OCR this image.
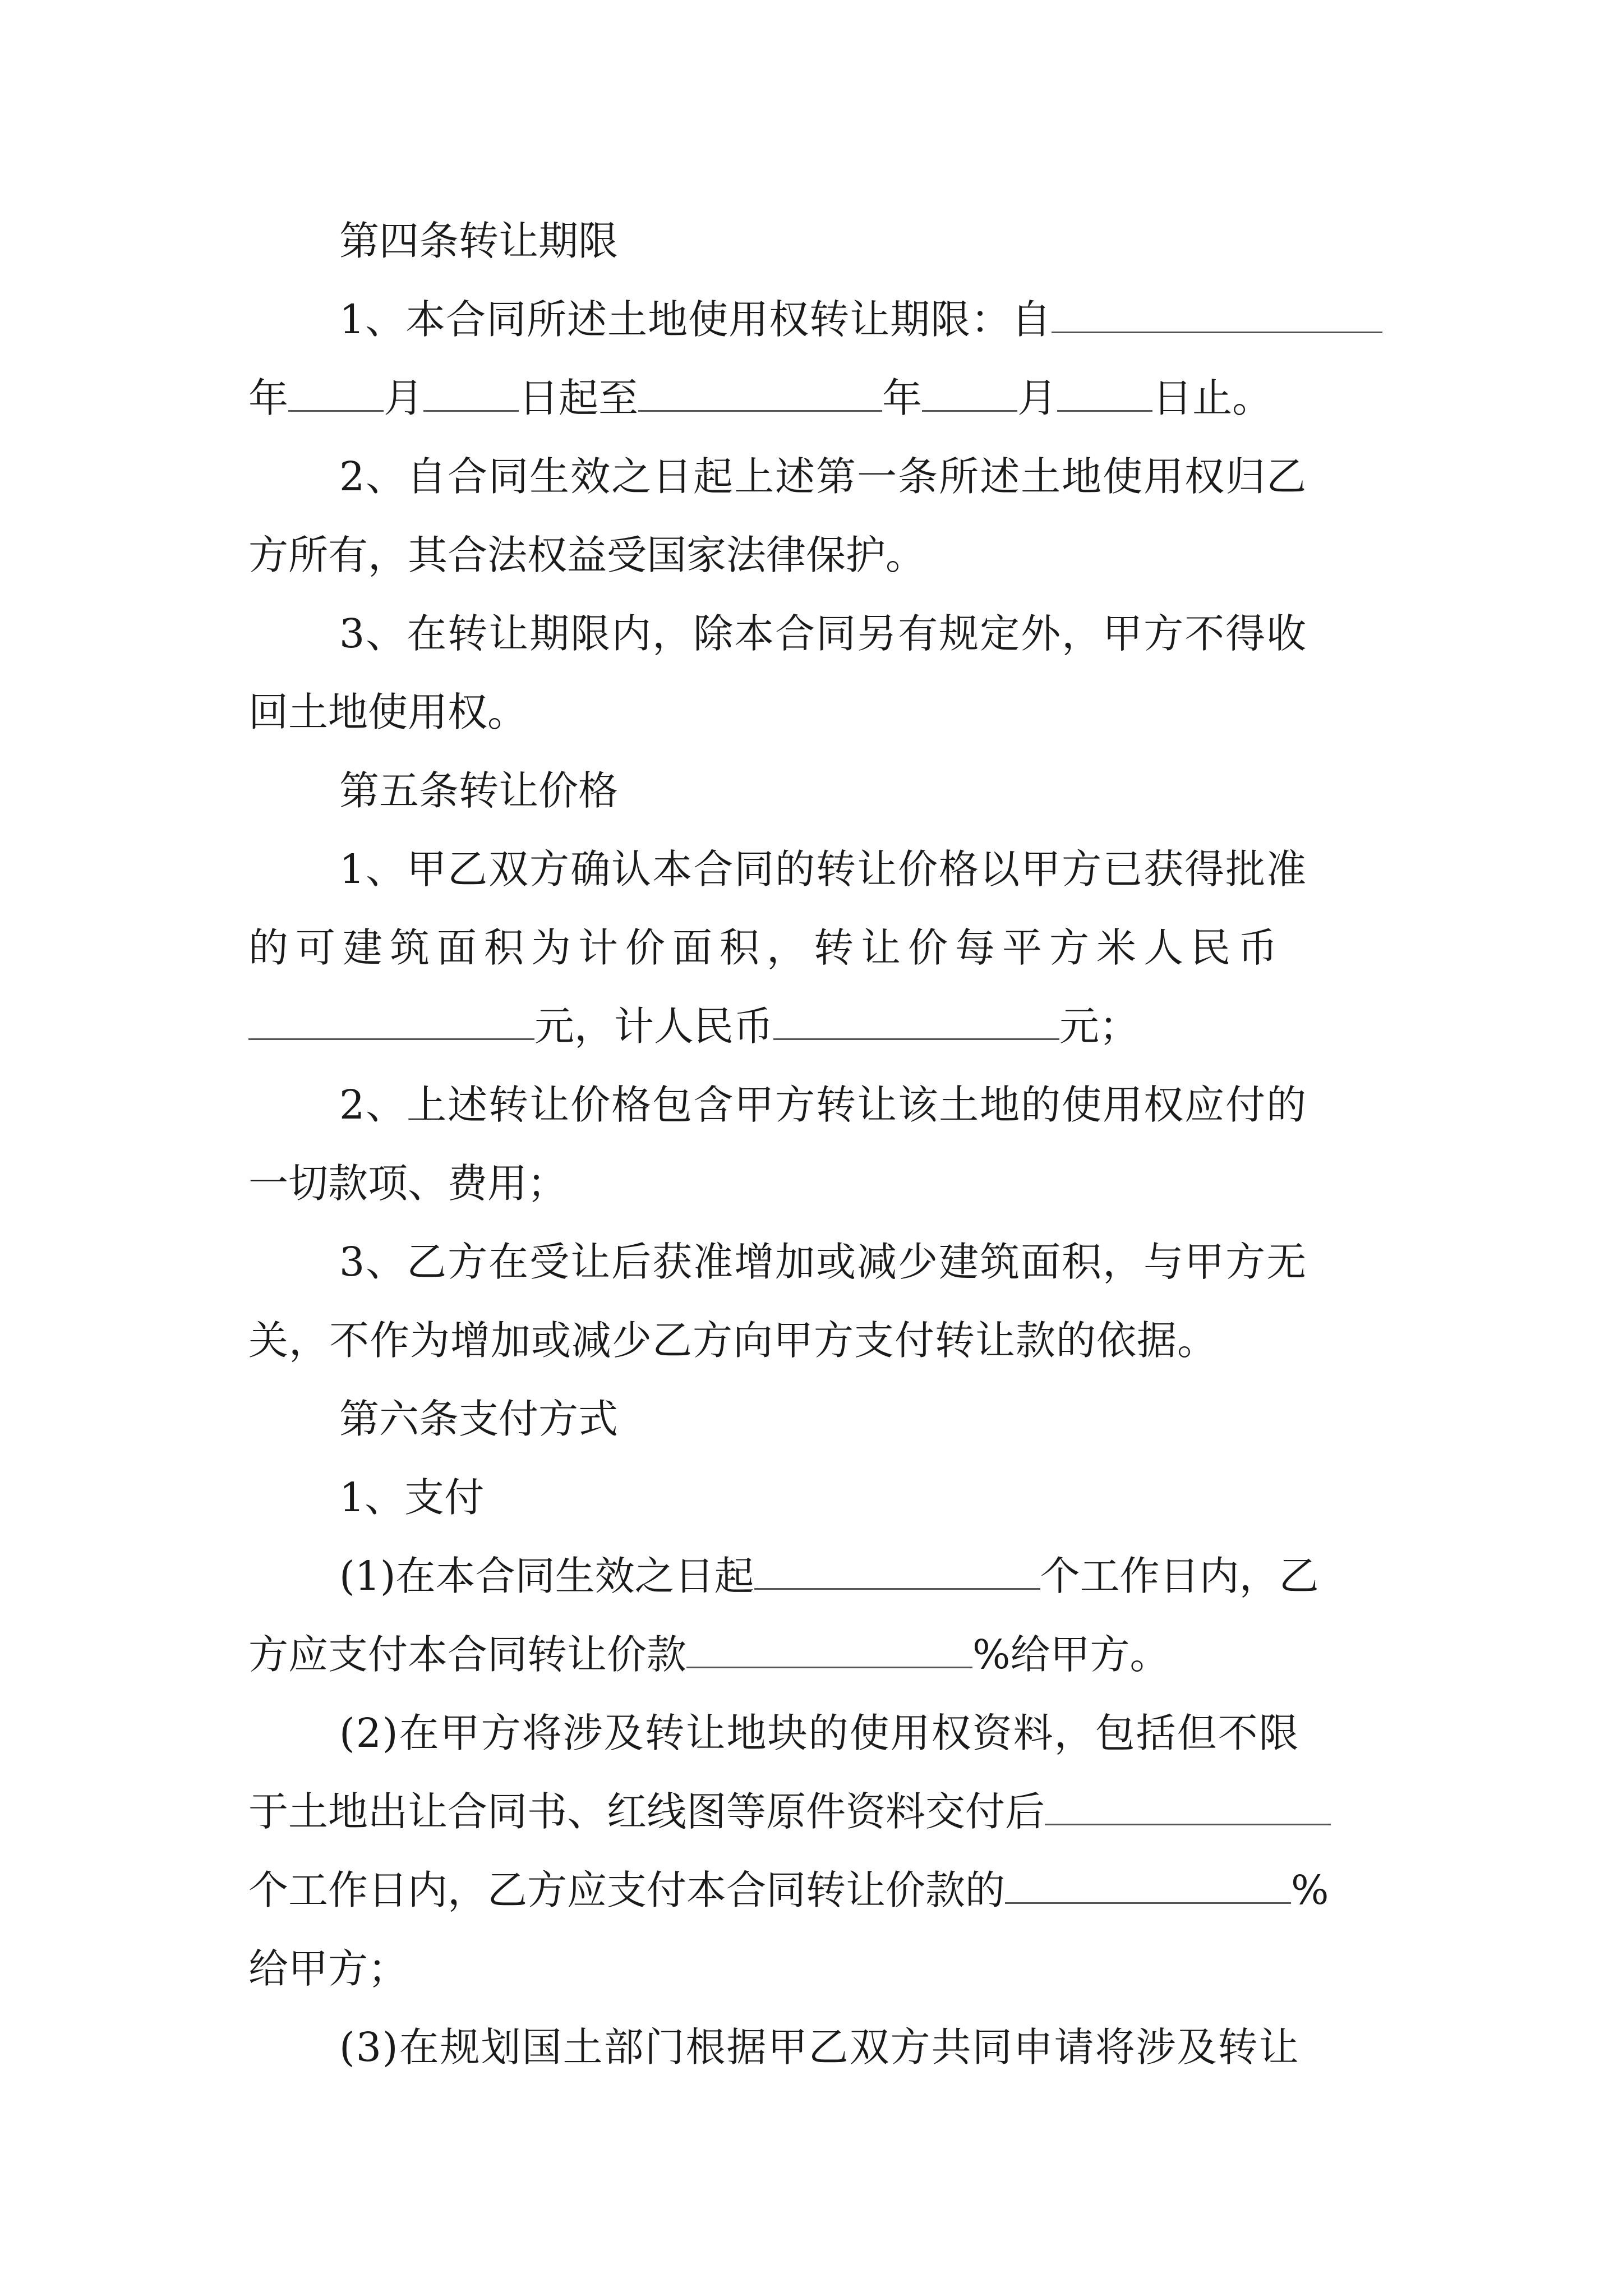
第四条转让期限
1、本合同所述土地使用权转让期限：自
年 月 日起至	年 月 日止。
2、自合同生效之日起上述第一条所述土地使用权归乙
方所有，其合法权益受国家法律保护。
3、在转让期限内，除本合同另有规定外，甲方不得收
回土地使用权。
第五条转让价格
1、甲乙双方确认本合同的转让价格以甲方已获得批准
的可建筑面积为计价面积，转让价每平方米人民币
元，计人民币	元；
2、上述转让价格包含甲方转让该土地的使用权应付的
一切款项、费用；
3、乙方在受让后获准增加或减少建筑面积，与甲方无
关，不作为增加或减少乙方向甲方支付转让款的依据。
第六条支付方式
1、支付
(1)在本合同生效之日起	个工作日内，乙
方应支付本合同转让价款	%给甲方。
(2)在甲方将涉及转让地块的使用权资料，包括但不限
于土地出让合同书、红线图等原件资料交付后
个工作日内，乙方应支付本合同转让价款的	%
给甲方；
(3)在规划国土部门根据甲乙双方共同申请将涉及转让
